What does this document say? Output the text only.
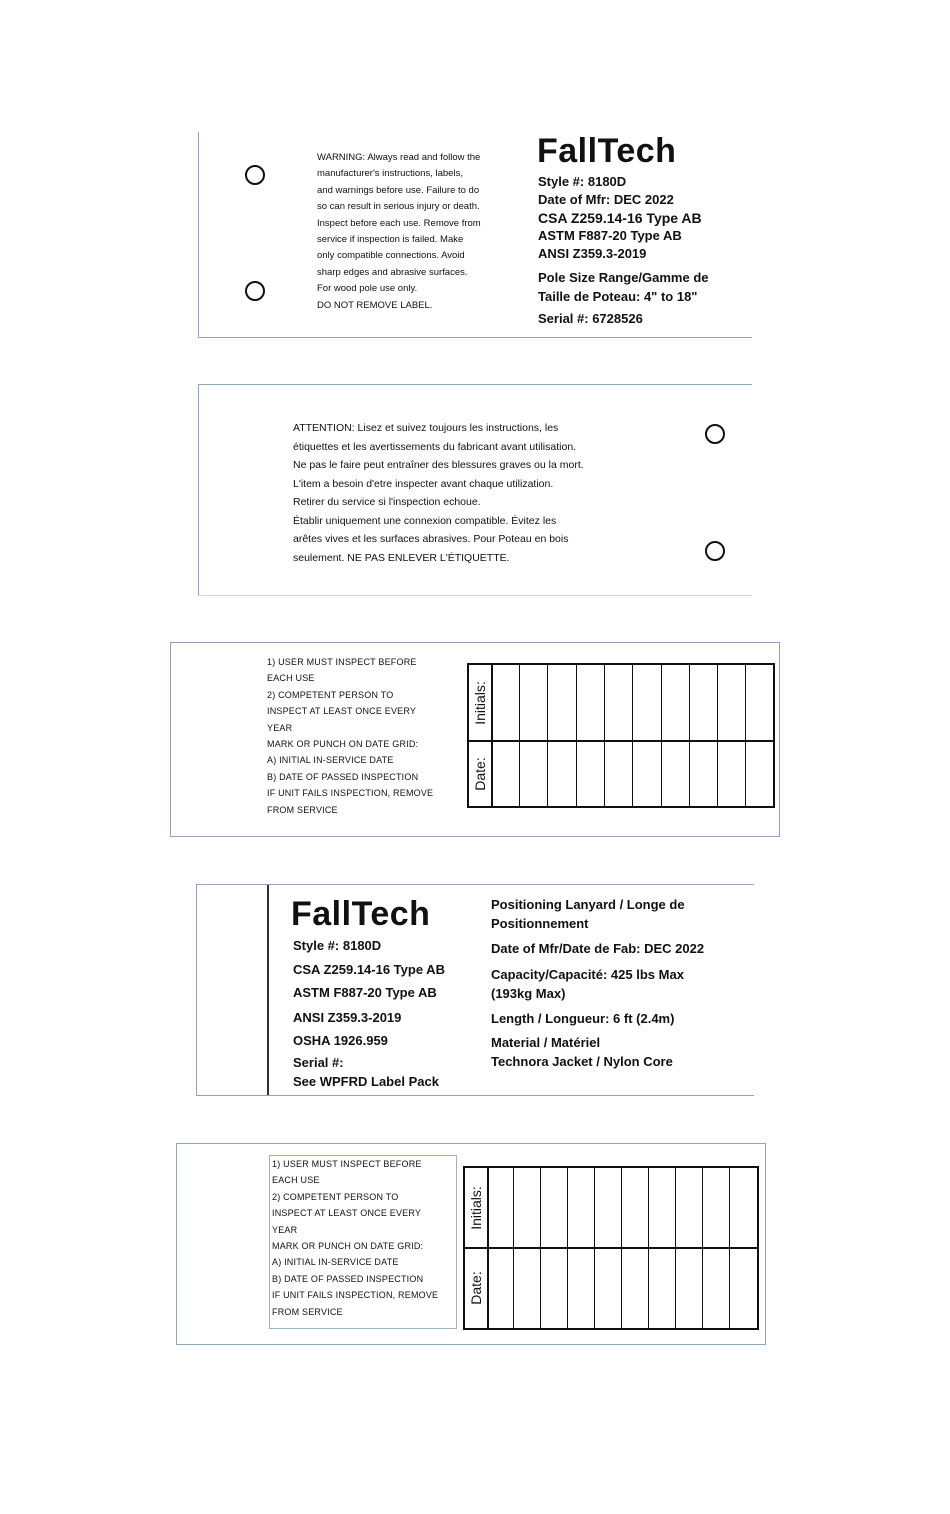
WARNING: Always read and follow the
manufacturer's instructions, labels,
and warnings before use. Failure to do
so can result in serious injury or death.
Inspect before each use. Remove from
service if inspection is failed. Make
only compatible connections. Avoid
sharp edges and abrasive surfaces.
For wood pole use only.
DO NOT REMOVE LABEL.
FallTech
Style #: 8180D
Date of Mfr: DEC 2022
CSA Z259.14-16 Type AB
ASTM F887-20 Type AB
ANSI Z359.3-2019
Pole Size Range/Gamme de
Taille de Poteau: 4" to 18"
Serial #: 6728526
ATTENTION: Lisez et suivez toujours les instructions, les
étiquettes et les avertissements du fabricant avant utilisation.
Ne pas le faire peut entraîner des blessures graves ou la mort.
L'item a besoin d'etre inspecter avant chaque utilization.
Retirer du service si l'inspection echoue.
Établir uniquement une connexion compatible. Évitez les
arêtes vives et les surfaces abrasives. Pour Poteau en bois
seulement. NE PAS ENLEVER L'ÉTIQUETTE.
1) USER MUST INSPECT BEFORE
EACH USE
2) COMPETENT PERSON TO
INSPECT AT LEAST ONCE EVERY
YEAR
MARK OR PUNCH ON DATE GRID:
A) INITIAL IN-SERVICE DATE
B) DATE OF PASSED INSPECTION
IF UNIT FAILS INSPECTION, REMOVE
FROM SERVICE
Initials:
Date:
FallTech
Style #: 8180D
CSA Z259.14-16 Type AB
ASTM F887-20 Type AB
ANSI Z359.3-2019
OSHA 1926.959
Serial #:
See WPFRD Label Pack
Positioning Lanyard / Longe de
Positionnement
Date of Mfr/Date de Fab: DEC 2022
Capacity/Capacité: 425 lbs Max
(193kg Max)
Length / Longueur: 6 ft (2.4m)
Material / Matériel
Technora Jacket / Nylon Core
1) USER MUST INSPECT BEFORE
EACH USE
2) COMPETENT PERSON TO
INSPECT AT LEAST ONCE EVERY
YEAR
MARK OR PUNCH ON DATE GRID:
A) INITIAL IN-SERVICE DATE
B) DATE OF PASSED INSPECTION
IF UNIT FAILS INSPECTION, REMOVE
FROM SERVICE
Initials:
Date:
